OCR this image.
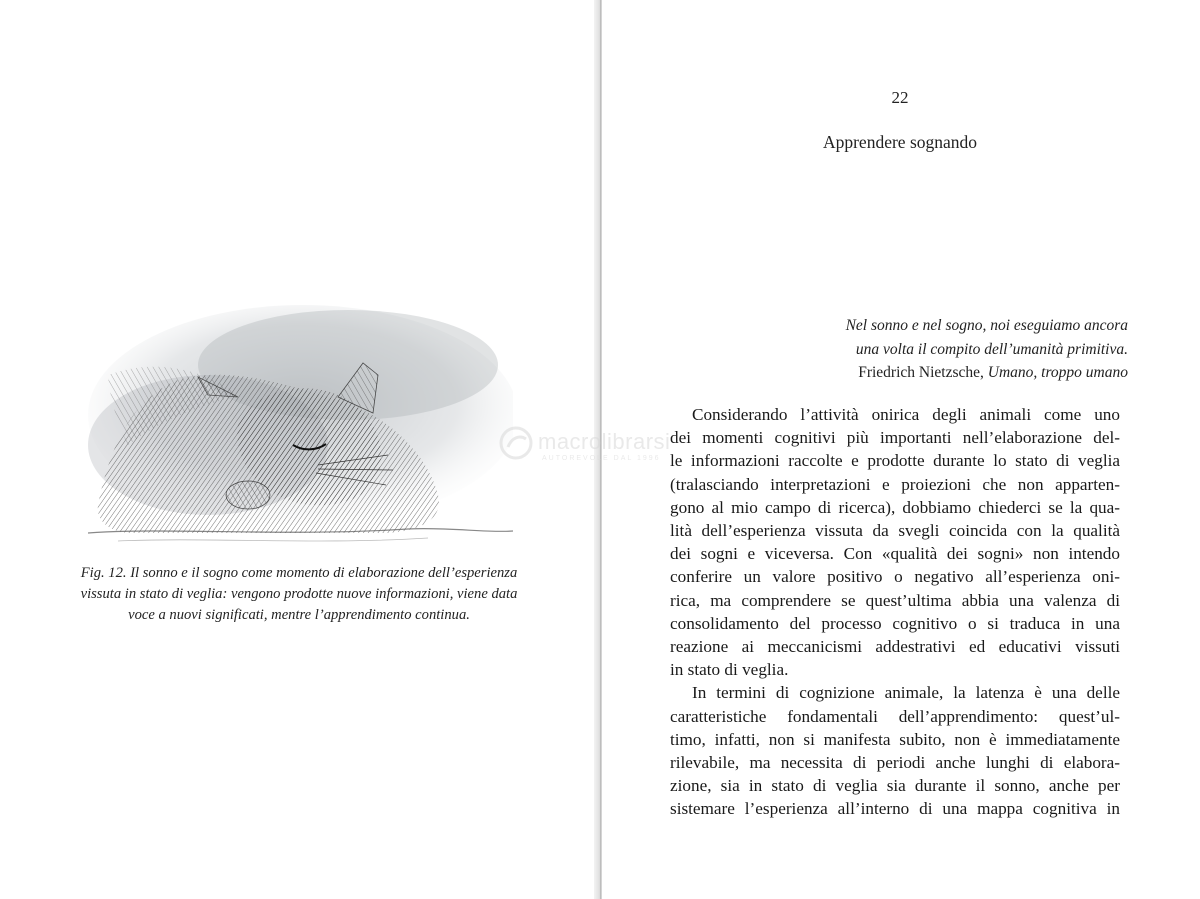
Fig. 12. Il sonno e il sogno come momento di elaborazione dell’esperienza vissuta in stato di veglia: vengono prodotte nuove informazioni, viene data voce a nuovi significati, mentre l’apprendimento continua.
22
Apprendere sognando
Nel sonno e nel sogno, noi eseguiamo ancora
una volta il compito dell’umanità primitiva.
Friedrich Nietzsche, Umano, troppo umano
Considerando l’attività onirica degli animali come uno
dei momenti cognitivi più importanti nell’elaborazione del-
le informazioni raccolte e prodotte durante lo stato di veglia
(tralasciando interpretazioni e proiezioni che non apparten-
gono al mio campo di ricerca), dobbiamo chiederci se la qua-
lità dell’esperienza vissuta da svegli coincida con la qualità
dei sogni e viceversa. Con «qualità dei sogni» non intendo
conferire un valore positivo o negativo all’esperienza oni-
rica, ma comprendere se quest’ultima abbia una valenza di
consolidamento del processo cognitivo o si traduca in una
reazione ai meccanicismi addestrativi ed educativi vissuti
in stato di veglia.
In termini di cognizione animale, la latenza è una delle
caratteristiche fondamentali dell’apprendimento: quest’ul-
timo, infatti, non si manifesta subito, non è immediatamente
rilevabile, ma necessita di periodi anche lunghi di elabora-
zione, sia in stato di veglia sia durante il sonno, anche per
sistemare l’esperienza all’interno di una mappa cognitiva in
macrolibrarsi
AUTOREVOLE DAL 1996
